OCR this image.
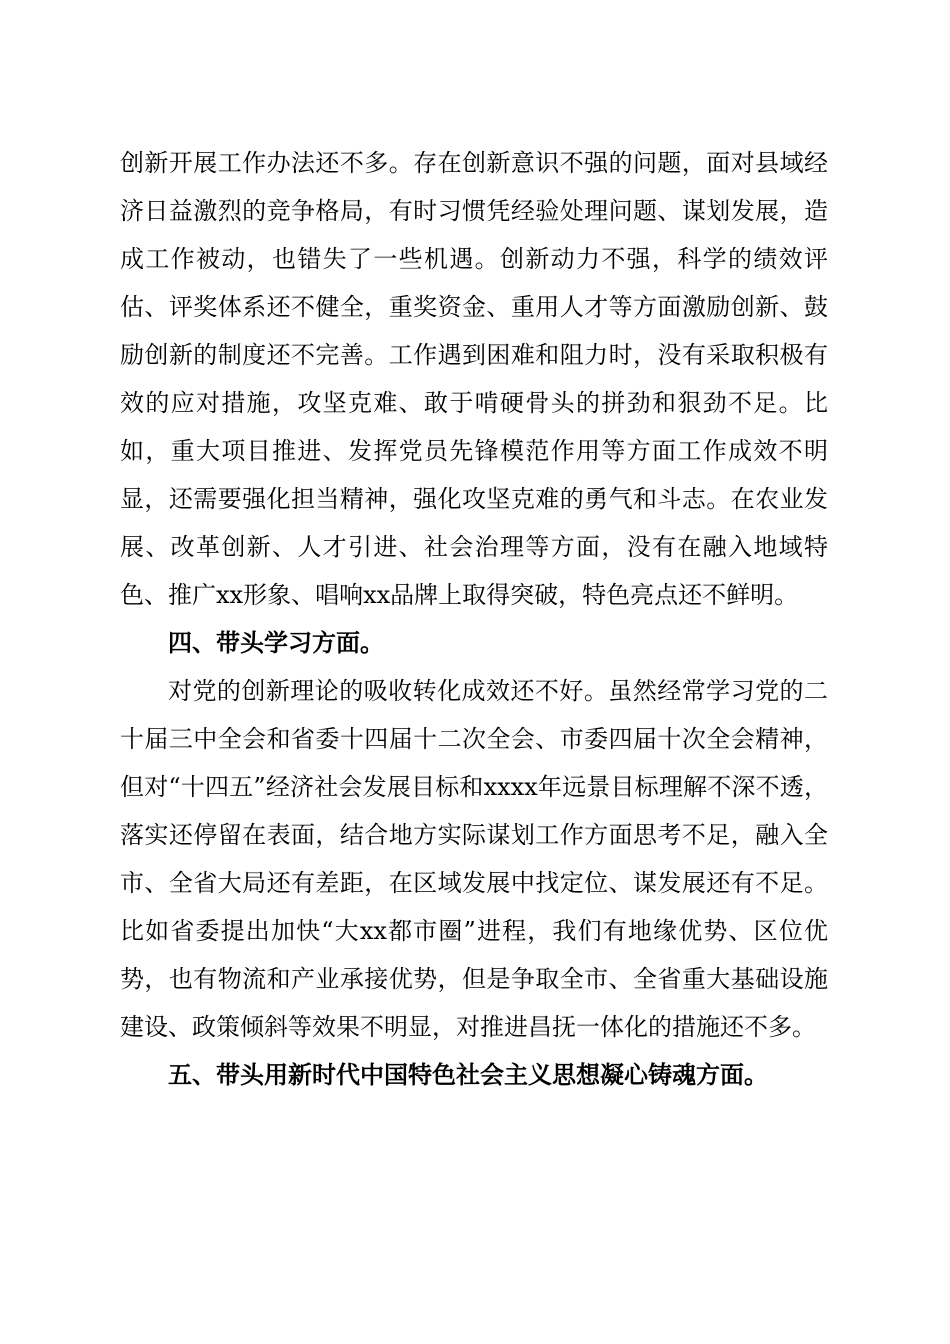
创新开展工作办法还不多。存在创新意识不强的问题，面对县域经济日益激烈的竞争格局，有时习惯凭经验处理问题、谋划发展，造成工作被动，也错失了一些机遇。创新动力不强，科学的绩效评估、评奖体系还不健全，重奖资金、重用人才等方面激励创新、鼓励创新的制度还不完善。工作遇到困难和阻力时，没有采取积极有效的应对措施，攻坚克难、敢于啃硬骨头的拼劲和狠劲不足。比如，重大项目推进、发挥党员先锋模范作用等方面工作成效不明显，还需要强化担当精神，强化攻坚克难的勇气和斗志。在农业发展、改革创新、人才引进、社会治理等方面，没有在融入地域特色、推广xx形象、唱响xx品牌上取得突破，特色亮点还不鲜明。

四、带头学习方面。

对党的创新理论的吸收转化成效还不好。虽然经常学习党的二十届三中全会和省委十四届十二次全会、市委四届十次全会精神，但对“十四五”经济社会发展目标和xxxx年远景目标理解不深不透，落实还停留在表面，结合地方实际谋划工作方面思考不足，融入全市、全省大局还有差距，在区域发展中找定位、谋发展还有不足。比如省委提出加快“大xx都市圈”进程，我们有地缘优势、区位优势，也有物流和产业承接优势，但是争取全市、全省重大基础设施建设、政策倾斜等效果不明显，对推进昌抚一体化的措施还不多。

五、带头用新时代中国特色社会主义思想凝心铸魂方面。
